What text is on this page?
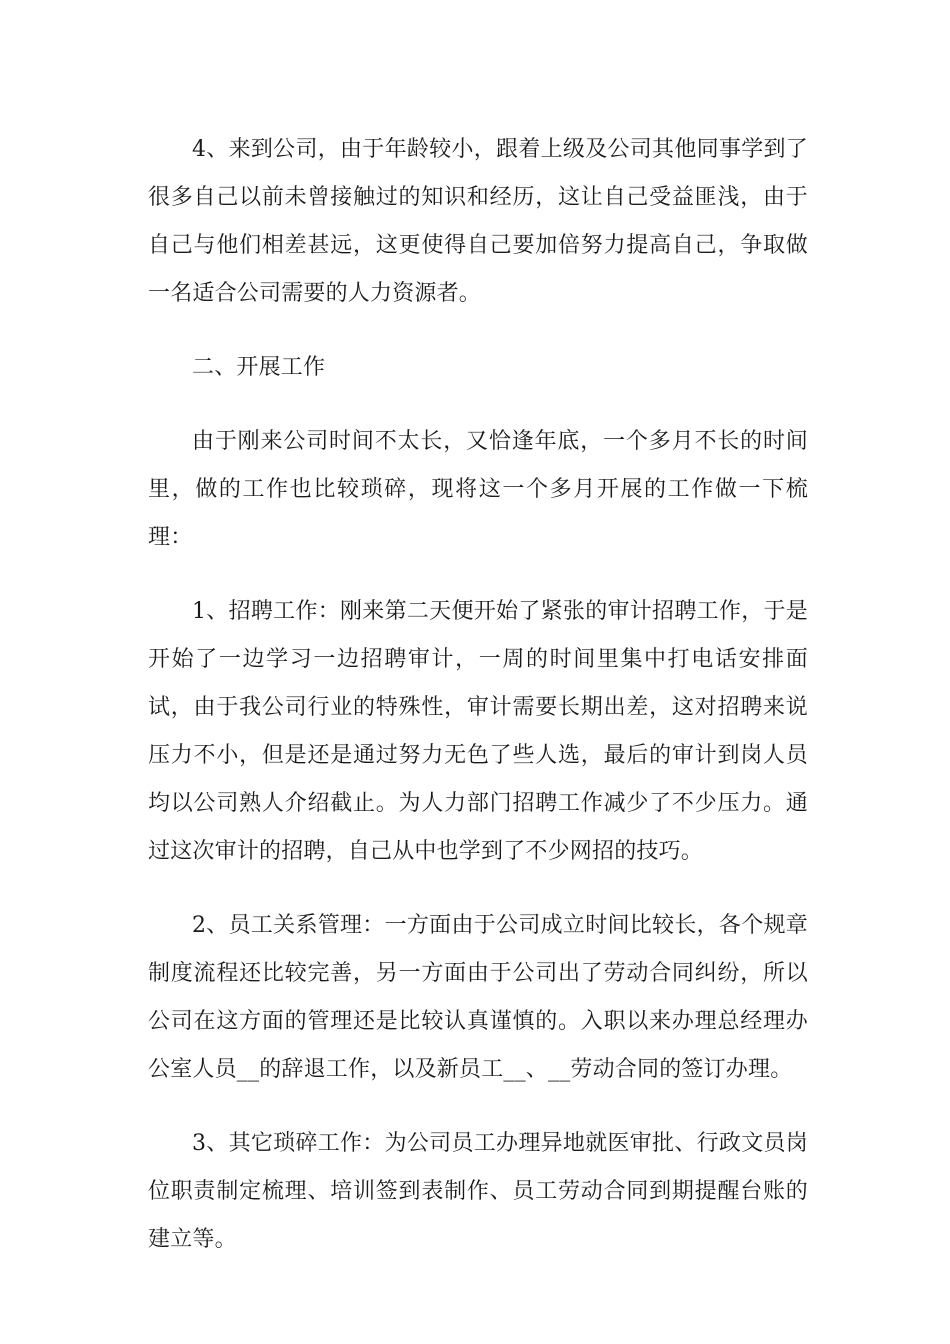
4、来到公司，由于年龄较小，跟着上级及公司其他同事学到了很多自己以前未曾接触过的知识和经历，这让自己受益匪浅，由于自己与他们相差甚远，这更使得自己要加倍努力提高自己，争取做一名适合公司需要的人力资源者。

二、开展工作

由于刚来公司时间不太长，又恰逢年底，一个多月不长的时间里，做的工作也比较琐碎，现将这一个多月开展的工作做一下梳理：

1、招聘工作：刚来第二天便开始了紧张的审计招聘工作，于是开始了一边学习一边招聘审计，一周的时间里集中打电话安排面试，由于我公司行业的特殊性，审计需要长期出差，这对招聘来说压力不小，但是还是通过努力无色了些人选，最后的审计到岗人员均以公司熟人介绍截止。为人力部门招聘工作减少了不少压力。通过这次审计的招聘，自己从中也学到了不少网招的技巧。

2、员工关系管理：一方面由于公司成立时间比较长，各个规章制度流程还比较完善，另一方面由于公司出了劳动合同纠纷，所以公司在这方面的管理还是比较认真谨慎的。入职以来办理总经理办公室人员__的辞退工作，以及新员工__、__劳动合同的签订办理。

3、其它琐碎工作：为公司员工办理异地就医审批、行政文员岗位职责制定梳理、培训签到表制作、员工劳动合同到期提醒台账的建立等。
